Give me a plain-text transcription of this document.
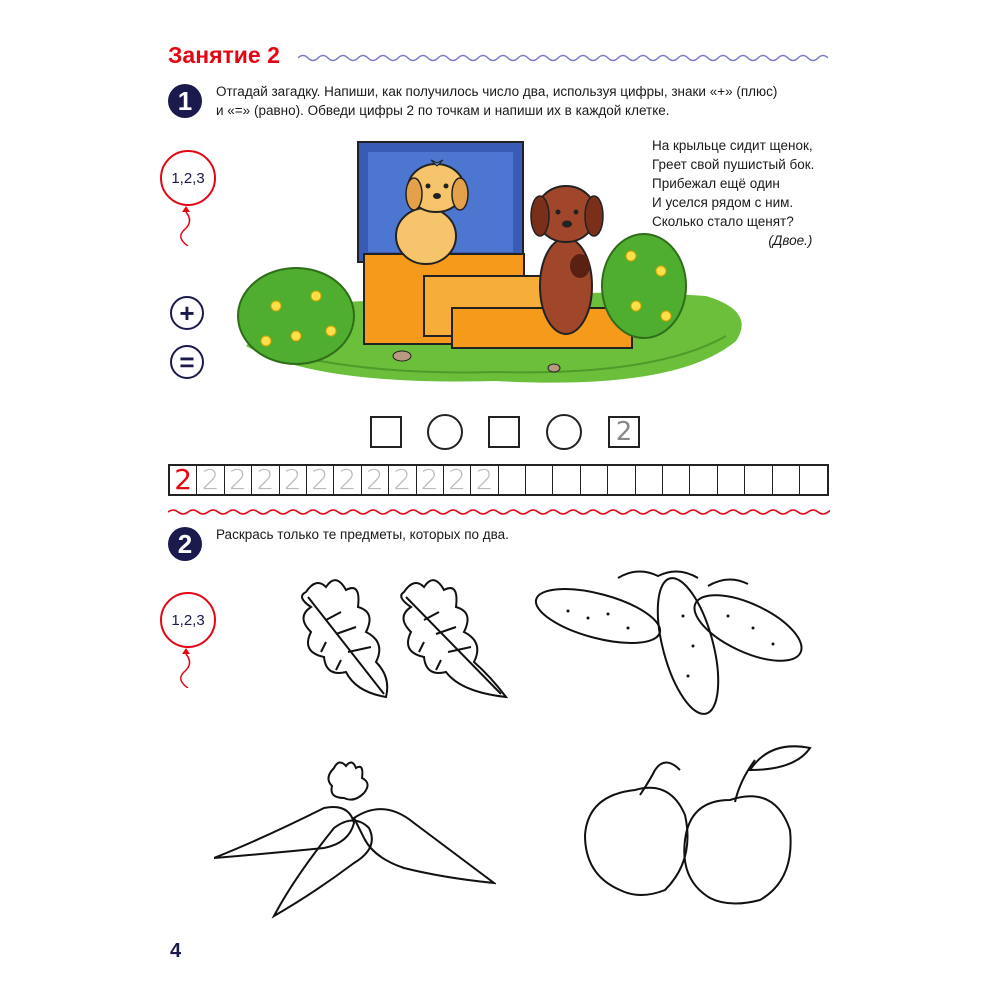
Занятие 2
1	Отгадай загадку. Напиши, как получилось число два, используя цифры, знаки «+» (плюс)
и «=» (равно). Обведи цифры 2 по точкам и напиши их в каждой клетке.
1,2,3
+
=
На крыльце сидит щенок,
Греет свой пушистый бок.
Прибежал ещё один
И уселся рядом с ним.
Сколько стало щенят?
(Двое.)
2
2 2 2 2 2 2 2 2 2 2 2 2
2	Раскрась только те предметы, которых по два.
1,2,3
4
